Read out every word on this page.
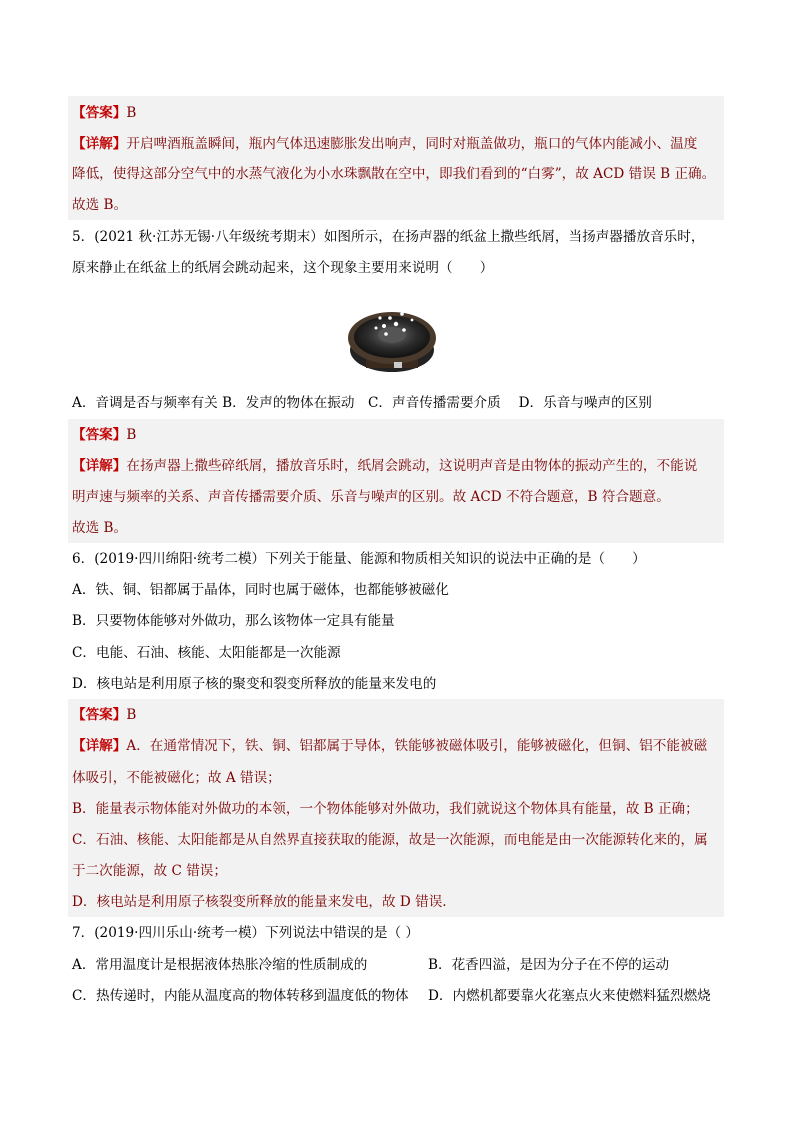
【答案】B
【详解】开启啤酒瓶盖瞬间，瓶内气体迅速膨胀发出响声，同时对瓶盖做功，瓶口的气体内能减小、温度
降低，使得这部分空气中的水蒸气液化为小水珠飘散在空中，即我们看到的“白雾”，故 ACD 错误 B 正确。
故选 B。
5．(2021 秋·江苏无锡·八年级统考期末）如图所示，在扬声器的纸盆上撒些纸屑，当扬声器播放音乐时，
原来静止在纸盆上的纸屑会跳动起来，这个现象主要用来说明（　　）
A．音调是否与频率有关 B．发声的物体在振动　C．声音传播需要介质　 D．乐音与噪声的区别
【答案】B
【详解】在扬声器上撒些碎纸屑，播放音乐时，纸屑会跳动，这说明声音是由物体的振动产生的，不能说
明声速与频率的关系、声音传播需要介质、乐音与噪声的区别。故 ACD 不符合题意，B 符合题意。
故选 B。
6．(2019·四川绵阳·统考二模）下列关于能量、能源和物质相关知识的说法中正确的是（　　）
A．铁、铜、铝都属于晶体，同时也属于磁体，也都能够被磁化
B．只要物体能够对外做功，那么该物体一定具有能量
C．电能、石油、核能、太阳能都是一次能源
D．核电站是利用原子核的聚变和裂变所释放的能量来发电的
【答案】B
【详解】A．在通常情况下，铁、铜、铝都属于导体，铁能够被磁体吸引，能够被磁化，但铜、铝不能被磁
体吸引，不能被磁化；故 A 错误；
B．能量表示物体能对外做功的本领，一个物体能够对外做功，我们就说这个物体具有能量，故 B 正确；
C．石油、核能、太阳能都是从自然界直接获取的能源，故是一次能源，而电能是由一次能源转化来的，属
于二次能源，故 C 错误；
D．核电站是利用原子核裂变所释放的能量来发电，故 D 错误.
7．(2019·四川乐山·统考一模）下列说法中错误的是（ ）
A．常用温度计是根据液体热胀冷缩的性质制成的	B．花香四溢，是因为分子在不停的运动
C．热传递时，内能从温度高的物体转移到温度低的物体	D．内燃机都要靠火花塞点火来使燃料猛烈燃烧
